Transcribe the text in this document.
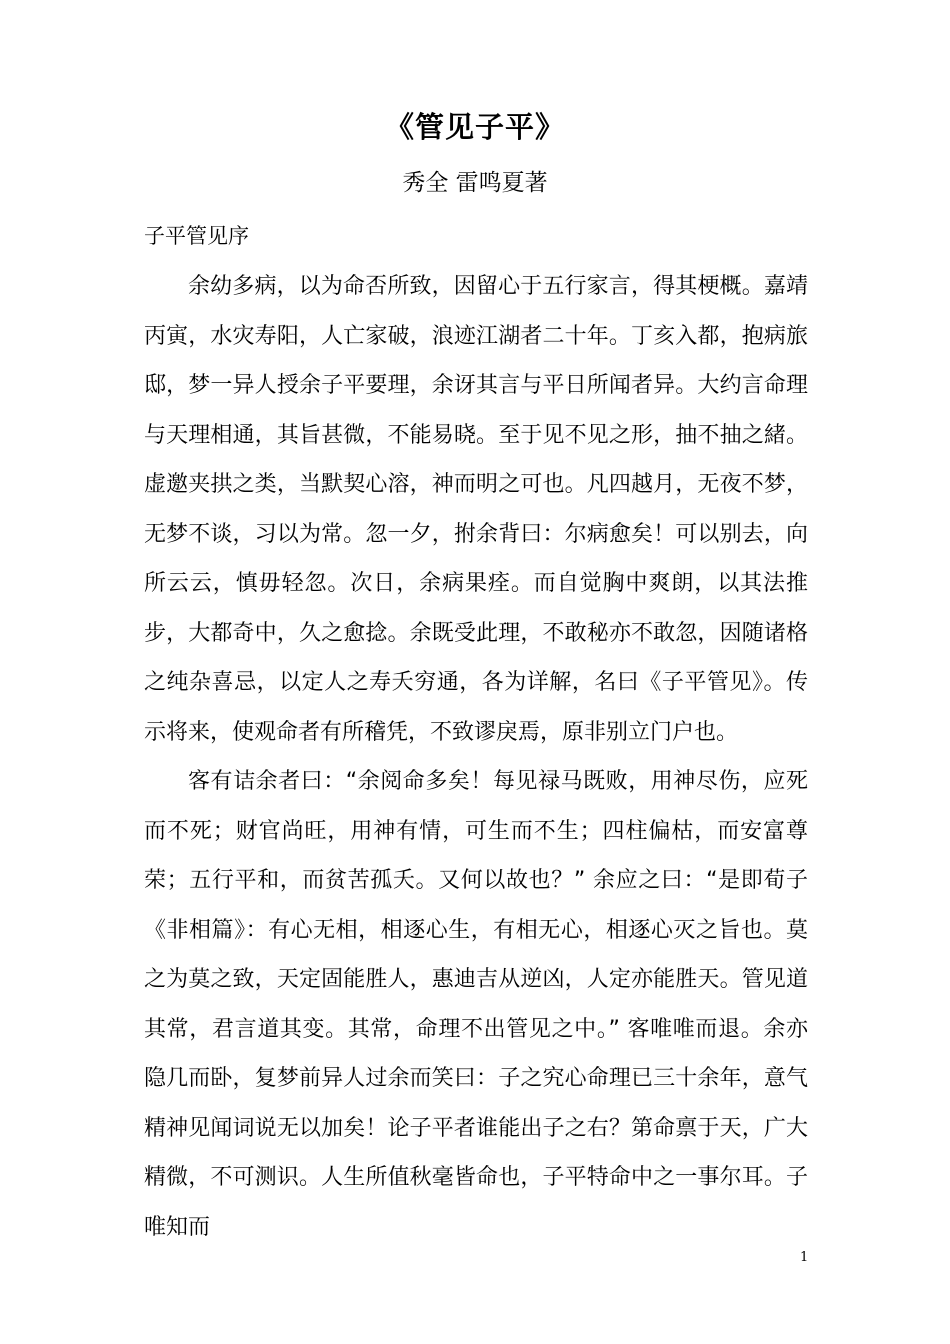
《管见子平》
秀全 雷鸣夏著
子平管见序

余幼多病，以为命否所致，因留心于五行家言，得其梗概。嘉靖丙寅，水灾寿阳，人亡家破，浪迹江湖者二十年。丁亥入都，抱病旅邸，梦一异人授余子平要理，余讶其言与平日所闻者异。大约言命理与天理相通，其旨甚微，不能易晓。至于见不见之形，抽不抽之緒。虚邀夹拱之类，当默契心溶，神而明之可也。凡四越月，无夜不梦，无梦不谈，习以为常。忽一夕，拊余背曰：尔病愈矣！可以别去，向所云云，慎毋轻忽。次日，余病果痊。而自觉胸中爽朗，以其法推步，大都奇中，久之愈捻。余既受此理，不敢秘亦不敢忽，因随诸格之纯杂喜忌，以定人之寿夭穷通，各为详解，名曰《子平管见》。传示将来，使观命者有所稽凭，不致谬戾焉，原非别立门户也。

客有诘余者曰：“余阅命多矣！每见禄马既败，用神尽伤，应死而不死；财官尚旺，用神有情，可生而不生；四柱偏枯，而安富尊荣；五行平和，而贫苦孤夭。又何以故也？” 余应之曰：“是即荀子《非相篇》：有心无相，相逐心生，有相无心，相逐心灭之旨也。莫之为莫之致，天定固能胜人，惠迪吉从逆凶，人定亦能胜天。管见道其常，君言道其变。其常，命理不出管见之中。” 客唯唯而退。余亦隐几而卧，复梦前异人过余而笑曰：子之究心命理已三十余年，意气精神见闻词说无以加矣！论子平者谁能出子之右？第命禀于天，广大精微，不可测识。人生所值秋毫皆命也，子平特命中之一事尔耳。子唯知而

1
